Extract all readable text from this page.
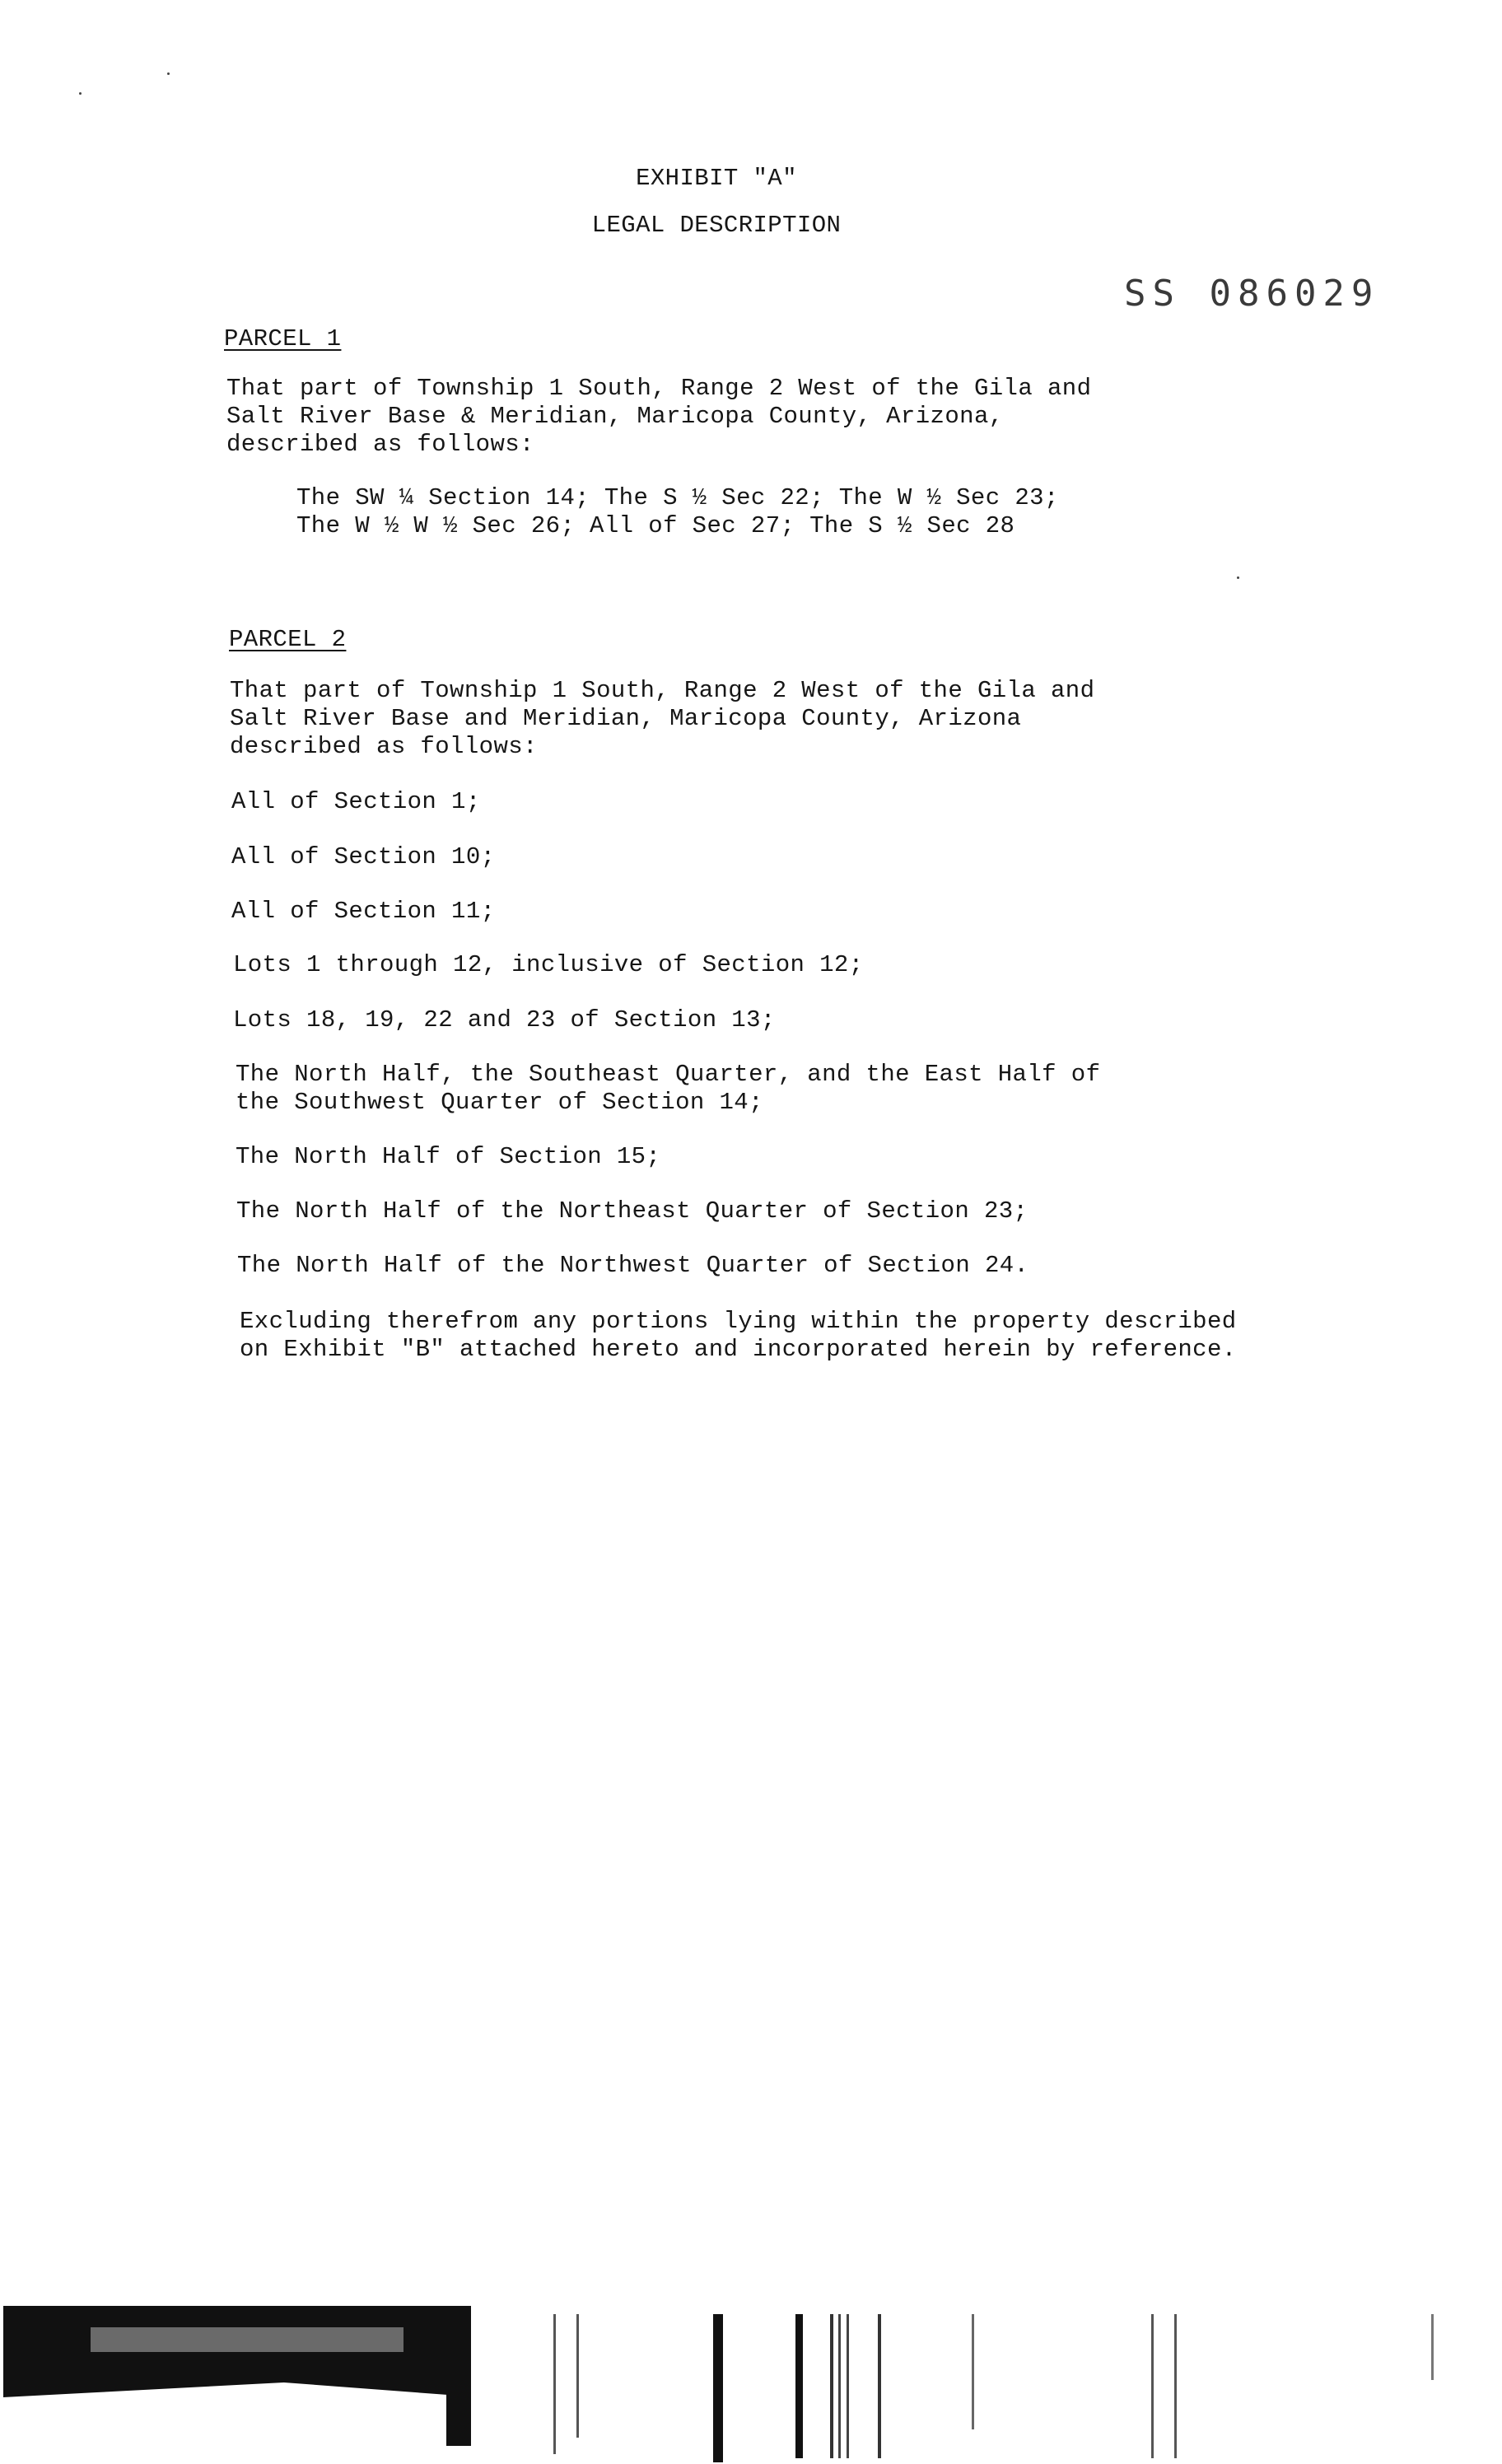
EXHIBIT "A"
LEGAL DESCRIPTION
SS 086029
PARCEL 1
That part of Township 1 South, Range 2 West of the Gila and
Salt River Base & Meridian, Maricopa County, Arizona,
described as follows:
The SW ¼ Section 14; The S ½ Sec 22; The W ½ Sec 23;
The W ½ W ½ Sec 26; All of Sec 27; The S ½ Sec 28
PARCEL 2
That part of Township 1 South, Range 2 West of the Gila and
Salt River Base and Meridian, Maricopa County, Arizona
described as follows:
All of Section 1;
All of Section 10;
All of Section 11;
Lots 1 through 12, inclusive of Section 12;
Lots 18, 19, 22 and 23 of Section 13;
The North Half, the Southeast Quarter, and the East Half of
the Southwest Quarter of Section 14;
The North Half of Section 15;
The North Half of the Northeast Quarter of Section 23;
The North Half of the Northwest Quarter of Section 24.
Excluding therefrom any portions lying within the property described
on Exhibit "B" attached hereto and incorporated herein by reference.
